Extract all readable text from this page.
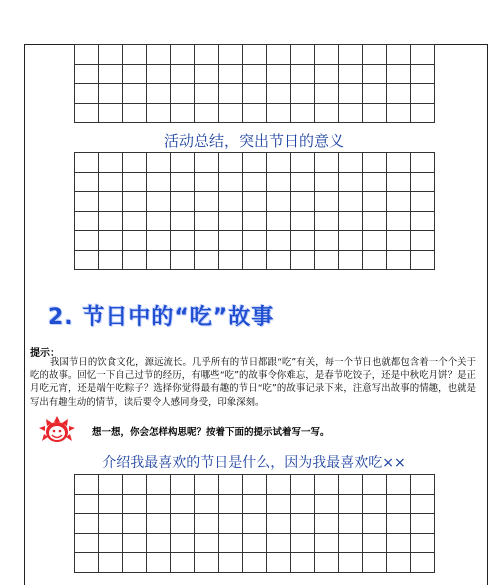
活动总结，突出节日的意义

2. 节日中的“吃”故事
提示：
我国节日的饮食文化，源远流长。几乎所有的节日都跟“吃”有关，每一个节日也就都包含着一个个关于吃的故事。回忆一下自己过节的经历，有哪些“吃”的故事令你难忘，是春节吃饺子，还是中秋吃月饼？是正月吃元宵，还是端午吃粽子？选择你觉得最有趣的节日“吃”的故事记录下来，注意写出故事的情趣，也就是写出有趣生动的情节，读后要令人感同身受，印象深刻。
想一想，你会怎样构思呢？按着下面的提示试着写一写。
介绍我最喜欢的节日是什么，因为我最喜欢吃××
